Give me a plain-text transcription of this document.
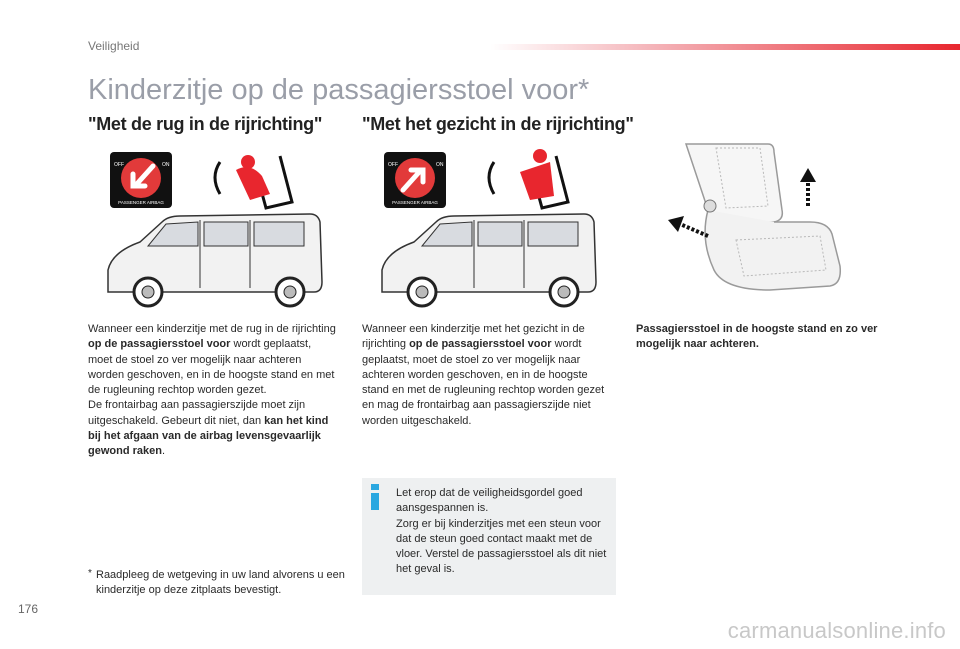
Veiligheid
Kinderzitje op de passagiersstoel voor*
"Met de rug in de rijrichting" "Met het gezicht in de rijrichting"
OFF	ON
PASSENGER AIRBAG
OFF	ON
PASSENGER AIRBAG
Wanneer een kinderzitje met de rug in de rijrichting op de passagiersstoel voor wordt geplaatst, moet de stoel zo ver mogelijk naar achteren worden geschoven, en in de hoogste stand en met de rugleuning rechtop worden gezet.
De frontairbag aan passagierszijde moet zijn uitgeschakeld. Gebeurt dit niet, dan kan het kind bij het afgaan van de airbag levensgevaarlijk gewond raken.
Wanneer een kinderzitje met het gezicht in de rijrichting op de passagiersstoel voor wordt geplaatst, moet de stoel zo ver mogelijk naar achteren worden geschoven, en in de hoogste stand en met de rugleuning rechtop worden gezet en mag de frontairbag aan passagierszijde niet worden uitgeschakeld.
Passagiersstoel in de hoogste stand en zo ver mogelijk naar achteren.
Let erop dat de veiligheidsgordel goed aansgespannen is.
Zorg er bij kinderzitjes met een steun voor dat de steun goed contact maakt met de vloer. Verstel de passagiersstoel als dit niet het geval is.
* Raadpleeg de wetgeving in uw land alvorens u een kinderzitje op deze zitplaats bevestigt.
176
carmanualsonline.info
